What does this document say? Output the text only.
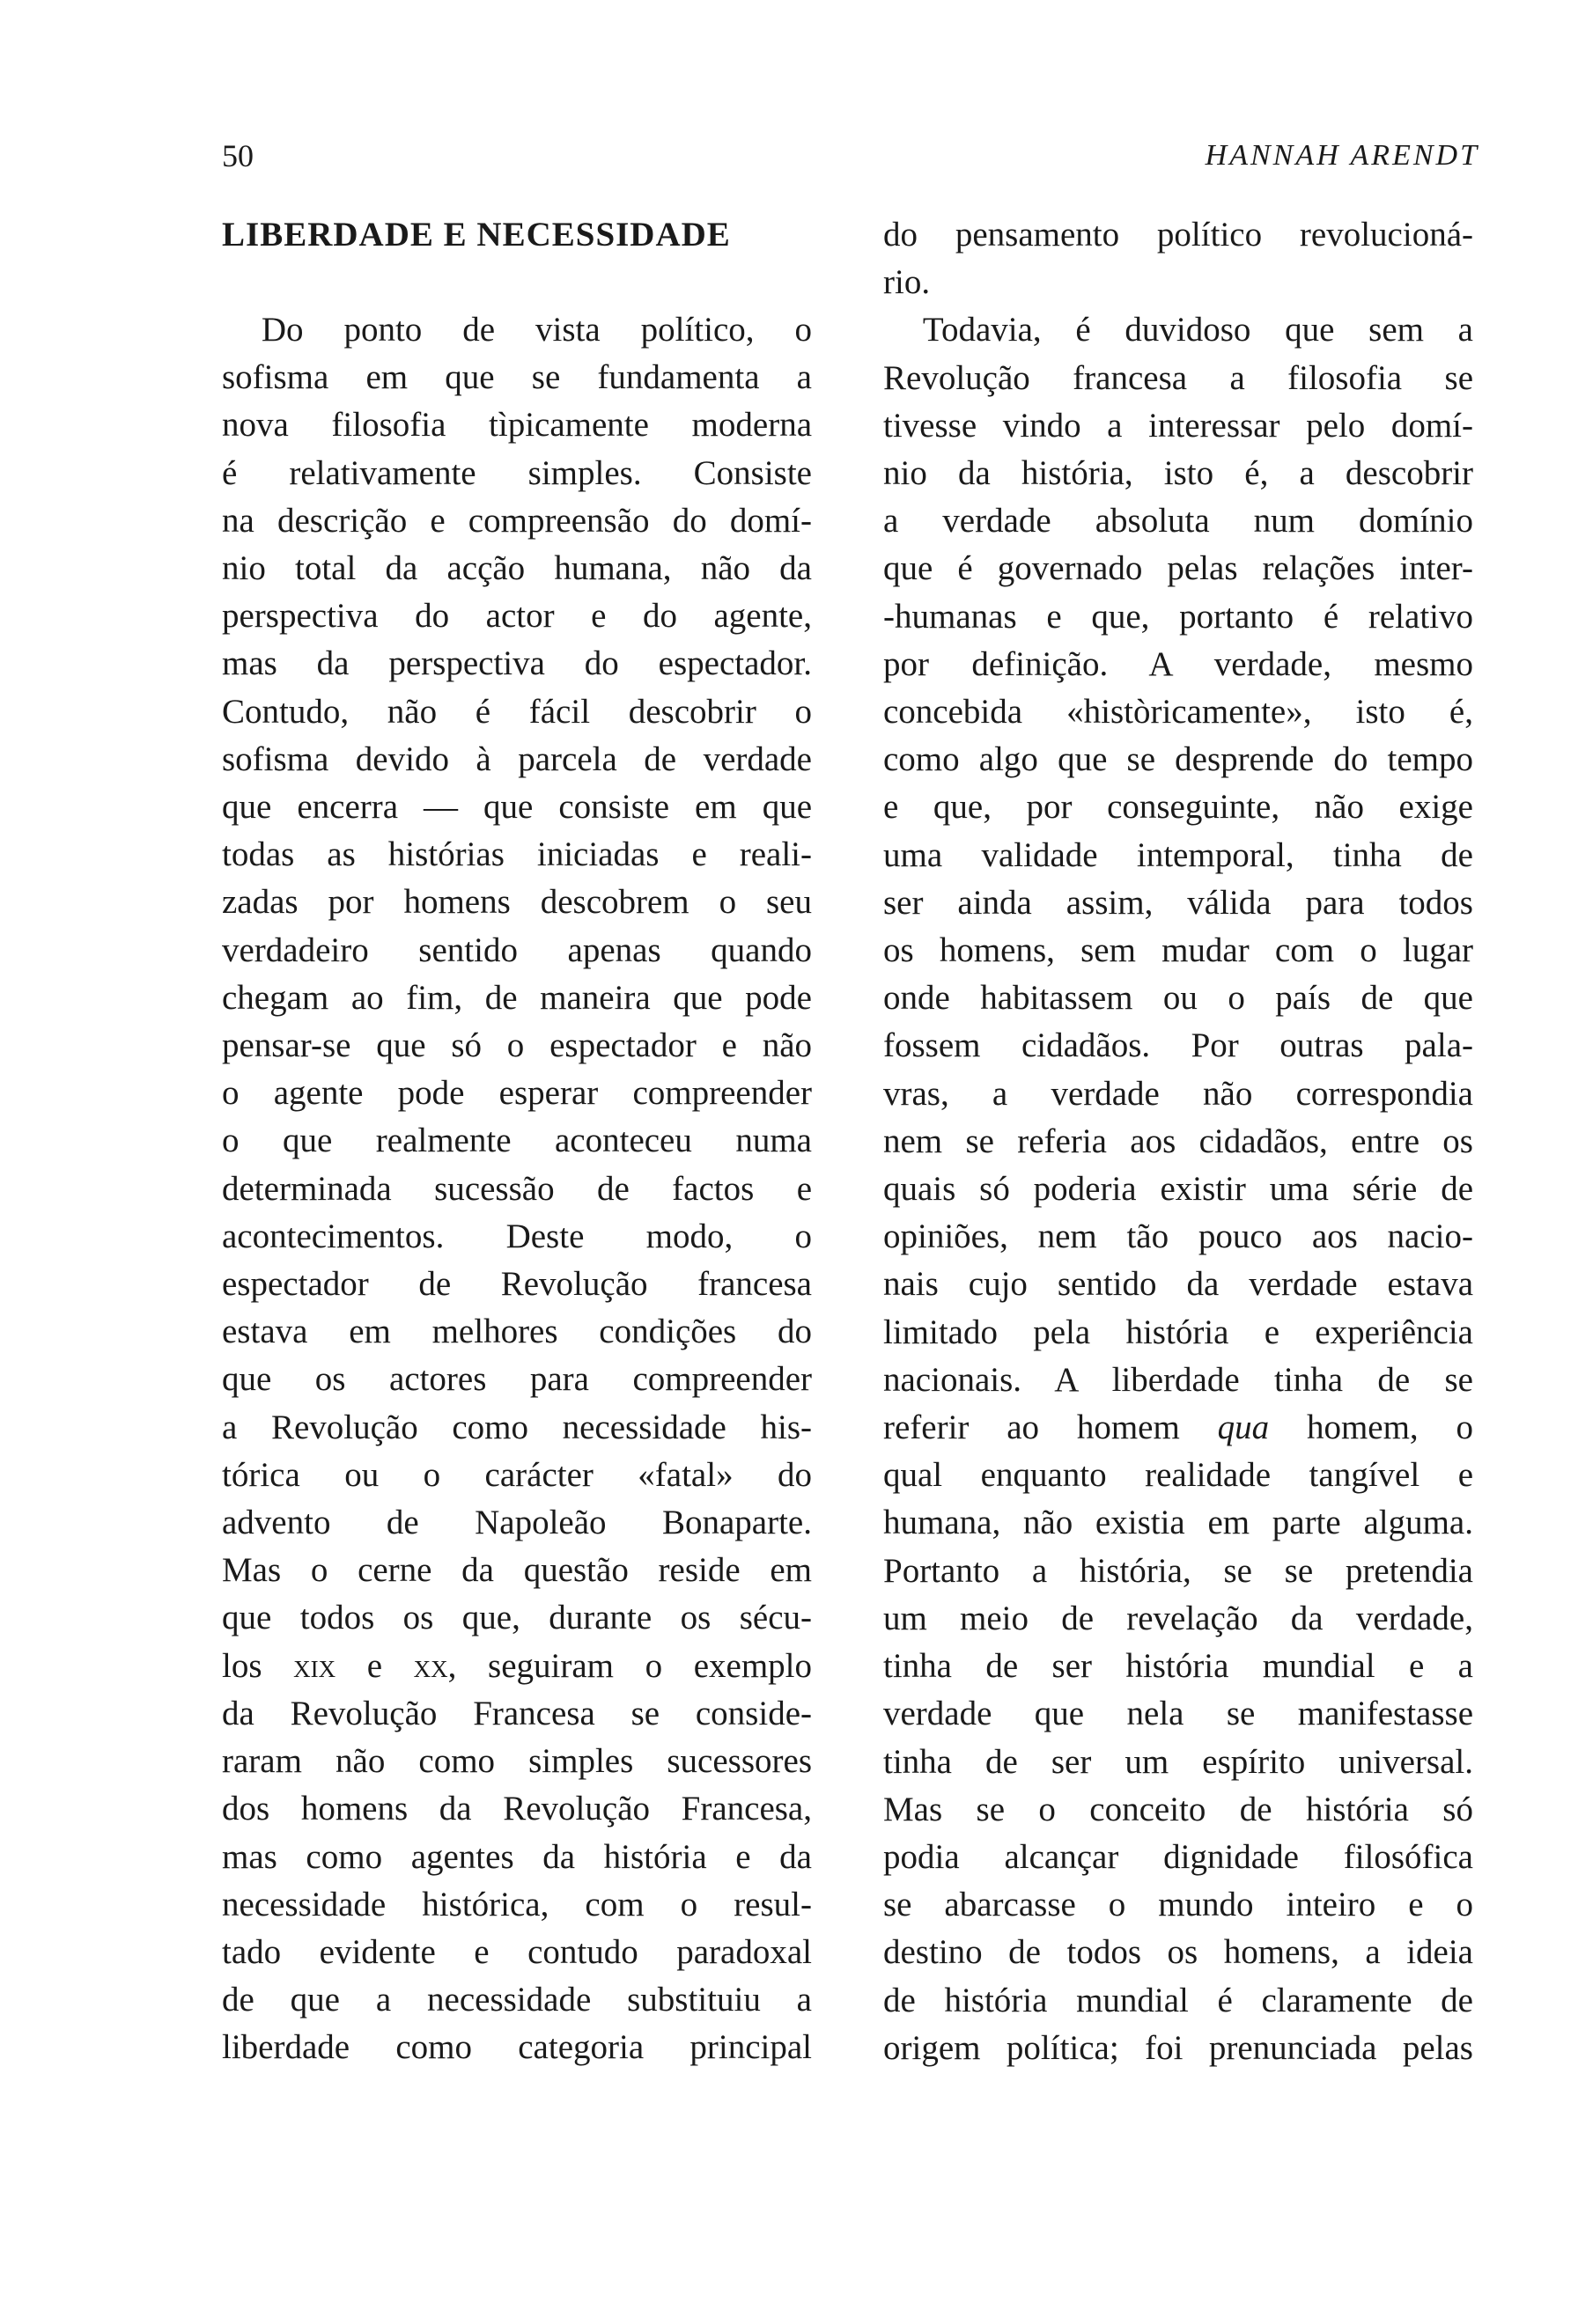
50	HANNAH ARENDT
LIBERDADE E NECESSIDADE
Do ponto de vista político, o
sofisma em que se fundamenta a
nova filosofia tìpicamente moderna
é relativamente simples. Consiste
na descrição e compreensão do domí-
nio total da acção humana, não da
perspectiva do actor e do agente,
mas da perspectiva do espectador.
Contudo, não é fácil descobrir o
sofisma devido à parcela de verdade
que encerra — que consiste em que
todas as histórias iniciadas e reali-
zadas por homens descobrem o seu
verdadeiro sentido apenas quando
chegam ao fim, de maneira que pode
pensar-se que só o espectador e não
o agente pode esperar compreender
o que realmente aconteceu numa
determinada sucessão de factos e
acontecimentos. Deste modo, o
espectador de Revolução francesa
estava em melhores condições do
que os actores para compreender
a Revolução como necessidade his-
tórica ou o carácter «fatal» do
advento de Napoleão Bonaparte.
Mas o cerne da questão reside em
que todos os que, durante os sécu-
los xix e xx, seguiram o exemplo
da Revolução Francesa se conside-
raram não como simples sucessores
dos homens da Revolução Francesa,
mas como agentes da história e da
necessidade histórica, com o resul-
tado evidente e contudo paradoxal
de que a necessidade substituiu a
liberdade como categoria principal
do pensamento político revolucioná-
rio.
Todavia, é duvidoso que sem a
Revolução francesa a filosofia se
tivesse vindo a interessar pelo domí-
nio da história, isto é, a descobrir
a verdade absoluta num domínio
que é governado pelas relações inter-
-humanas e que, portanto é relativo
por definição. A verdade, mesmo
concebida «històricamente», isto é,
como algo que se desprende do tempo
e que, por conseguinte, não exige
uma validade intemporal, tinha de
ser ainda assim, válida para todos
os homens, sem mudar com o lugar
onde habitassem ou o país de que
fossem cidadãos. Por outras pala-
vras, a verdade não correspondia
nem se referia aos cidadãos, entre os
quais só poderia existir uma série de
opiniões, nem tão pouco aos nacio-
nais cujo sentido da verdade estava
limitado pela história e experiência
nacionais. A liberdade tinha de se
referir ao homem qua homem, o
qual enquanto realidade tangível e
humana, não existia em parte alguma.
Portanto a história, se se pretendia
um meio de revelação da verdade,
tinha de ser história mundial e a
verdade que nela se manifestasse
tinha de ser um espírito universal.
Mas se o conceito de história só
podia alcançar dignidade filosófica
se abarcasse o mundo inteiro e o
destino de todos os homens, a ideia
de história mundial é claramente de
origem política; foi prenunciada pelas
